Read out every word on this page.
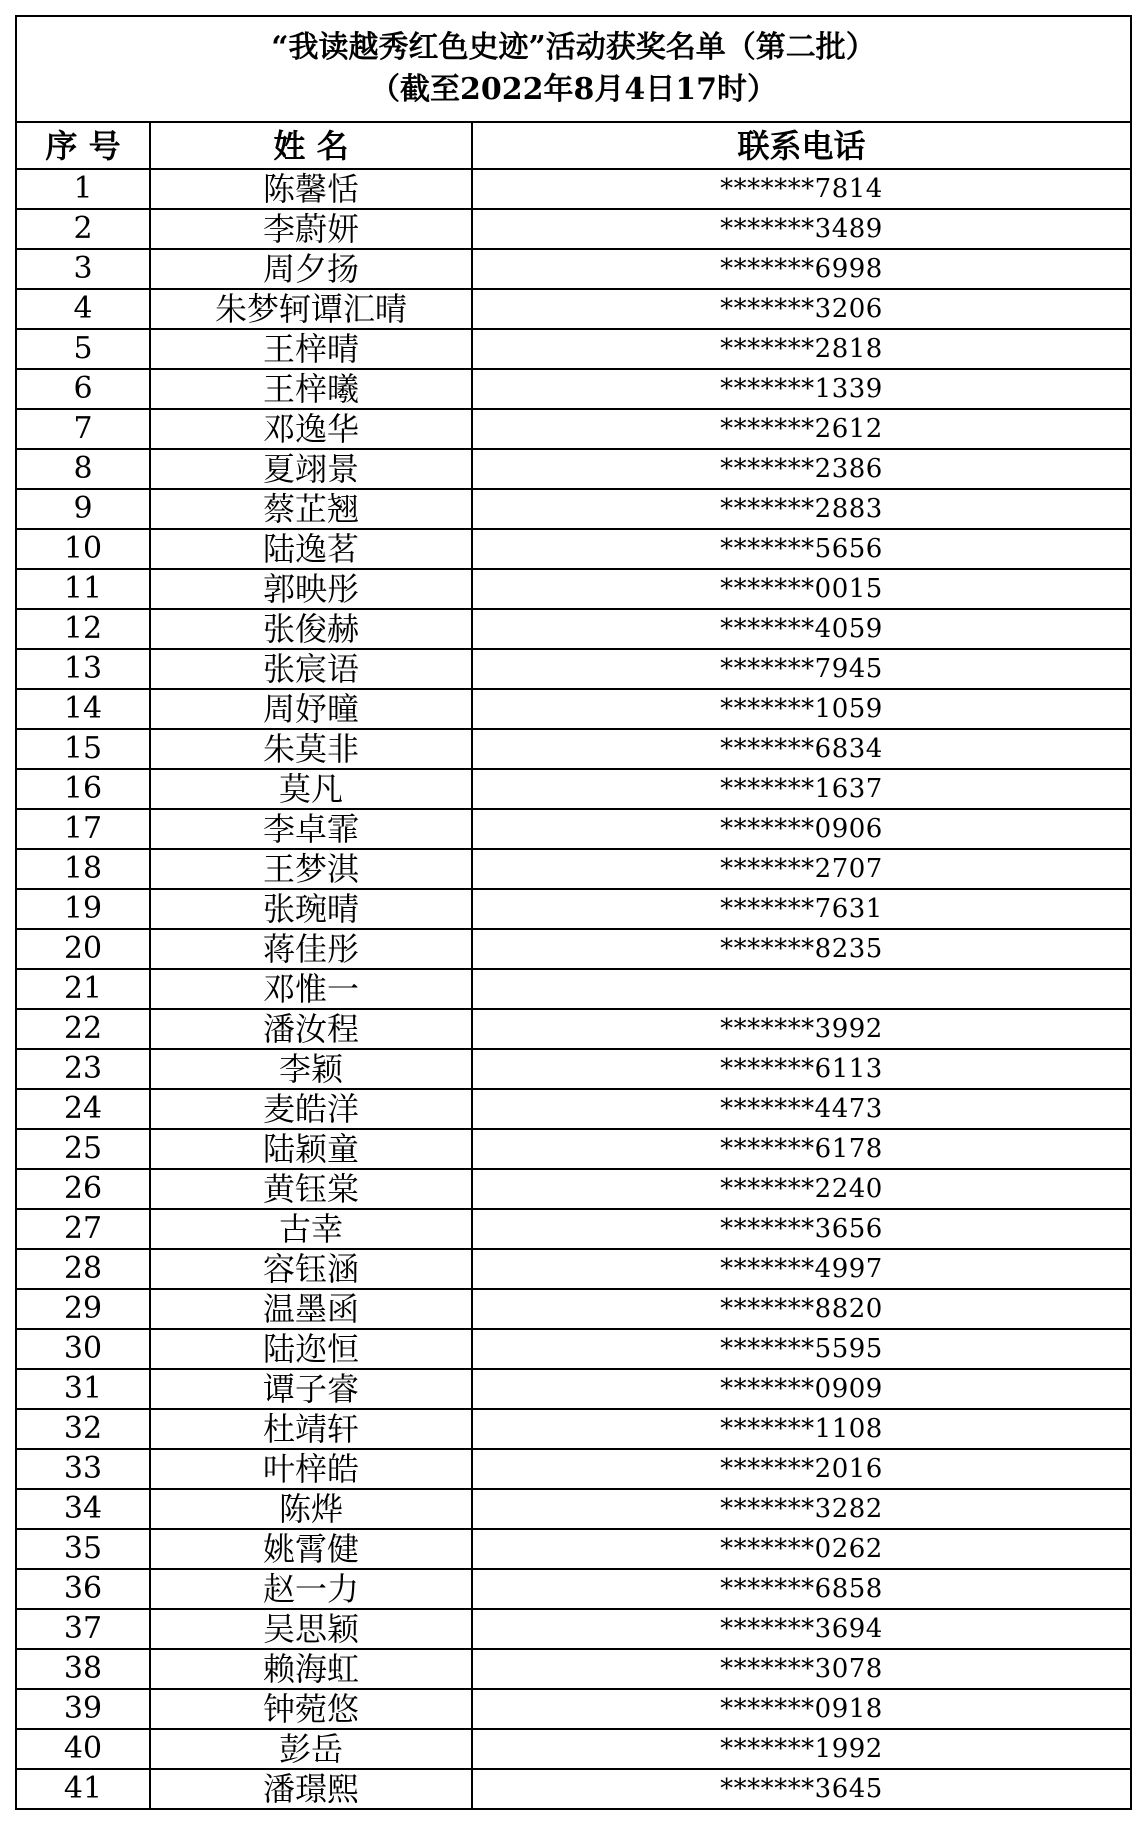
“我读越秀红色史迹”活动获奖名单（第二批）
（截至2022年8月4日17时）		

序 号	姓 名	联系电话
1	陈馨恬	*******7814
2	李蔚妍	*******3489
3	周夕扬	*******6998
4	朱梦轲谭汇晴	*******3206
5	王梓晴	*******2818
6	王梓曦	*******1339
7	邓逸华	*******2612
8	夏翊景	*******2386
9	蔡芷翘	*******2883
10	陆逸茗	*******5656
11	郭映彤	*******0015
12	张俊赫	*******4059
13	张宸语	*******7945
14	周妤曈	*******1059
15	朱莫非	*******6834
16	莫凡	*******1637
17	李卓霏	*******0906
18	王梦淇	*******2707
19	张琬晴	*******7631
20	蒋佳彤	*******8235
21	邓惟一	
22	潘汝程	*******3992
23	李颖	*******6113
24	麦皓洋	*******4473
25	陆颖童	*******6178
26	黄钰棠	*******2240
27	古幸	*******3656
28	容钰涵	*******4997
29	温墨函	*******8820
30	陆迩恒	*******5595
31	谭子睿	*******0909
32	杜靖轩	*******1108
33	叶梓皓	*******2016
34	陈烨	*******3282
35	姚霄健	*******0262
36	赵一力	*******6858
37	吴思颖	*******3694
38	赖海虹	*******3078
39	钟菀悠	*******0918
40	彭岳	*******1992
41	潘璟熙	*******3645
